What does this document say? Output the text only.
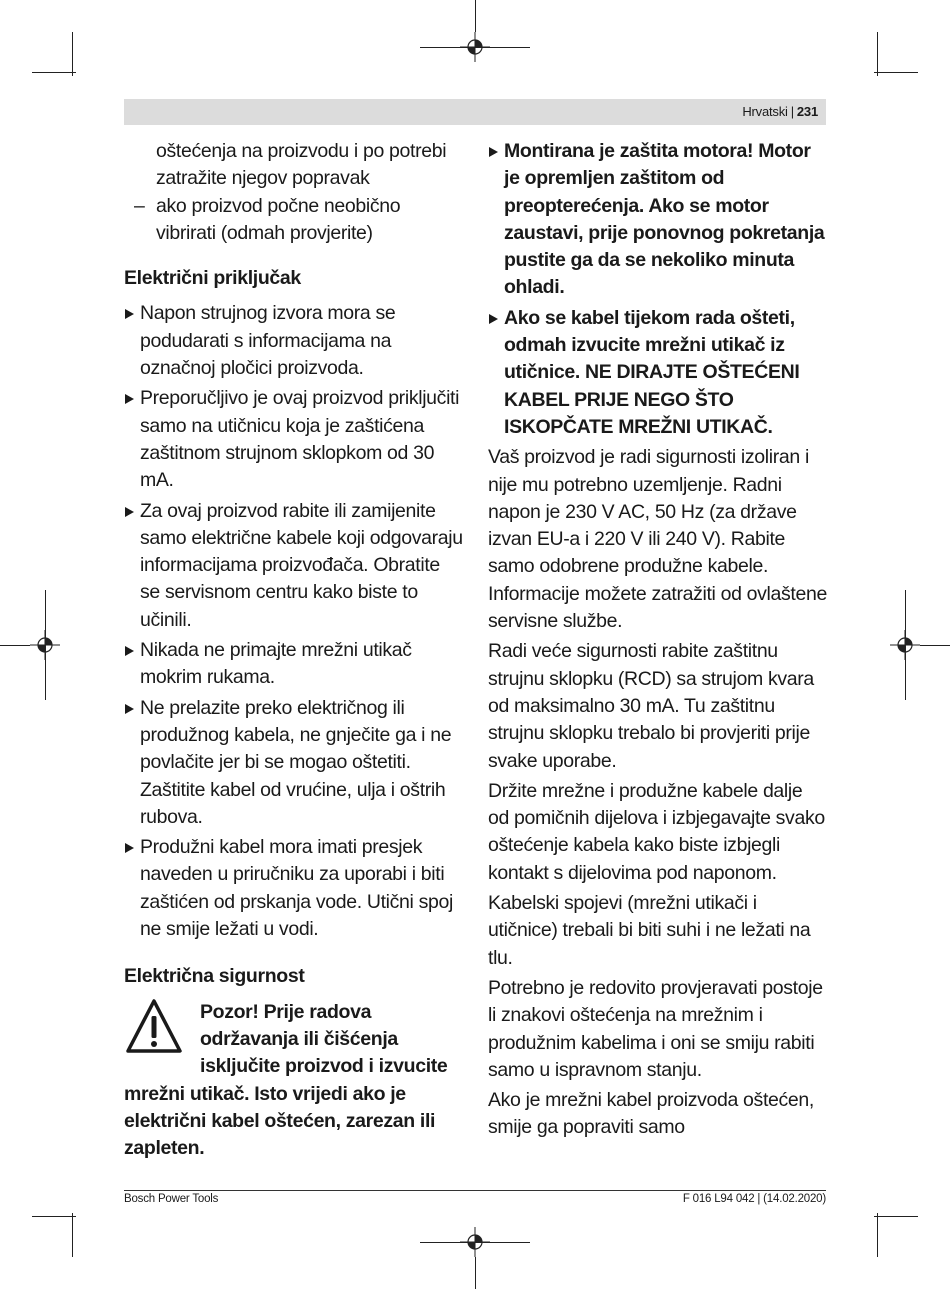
Hrvatski | 231
oštećenja na proizvodu i po potrebi zatražite njegov popravak
– ako proizvod počne neobično vibrirati (odmah provjerite)
Električni priključak
Napon strujnog izvora mora se podudarati s informacijama na označnoj pločici proizvoda.
Preporučljivo je ovaj proizvod priključiti samo na utičnicu koja je zaštićena zaštitnom strujnom sklopkom od 30 mA.
Za ovaj proizvod rabite ili zamijenite samo električne kabele koji odgovaraju informacijama proizvođača. Obratite se servisnom centru kako biste to učinili.
Nikada ne primajte mrežni utikač mokrim rukama.
Ne prelazite preko električnog ili produžnog kabela, ne gnječite ga i ne povlačite jer bi se mogao oštetiti. Zaštitite kabel od vrućine, ulja i oštrih rubova.
Produžni kabel mora imati presjek naveden u priručniku za uporabi i biti zaštićen od prskanja vode. Utični spoj ne smije ležati u vodi.
Električna sigurnost
Pozor! Prije radova održavanja ili čišćenja isključite proizvod i izvucite mrežni utikač. Isto vrijedi ako je električni kabel oštećen, zarezan ili zapleten.
Montirana je zaštita motora! Motor je opremljen zaštitom od preopterećenja. Ako se motor zaustavi, prije ponovnog pokretanja pustite ga da se nekoliko minuta ohladi.
Ako se kabel tijekom rada ošteti, odmah izvucite mrežni utikač iz utičnice. NE DIRAJTE OŠTEĆENI KABEL PRIJE NEGO ŠTO ISKOPČATE MREŽNI UTIKAČ.
Vaš proizvod je radi sigurnosti izoliran i nije mu potrebno uzemljenje. Radni napon je 230 V AC, 50 Hz (za države izvan EU-a i 220 V ili 240 V). Rabite samo odobrene produžne kabele. Informacije možete zatražiti od ovlaštene servisne službe.
Radi veće sigurnosti rabite zaštitnu strujnu sklopku (RCD) sa strujom kvara od maksimalno 30 mA. Tu zaštitnu strujnu sklopku trebalo bi provjeriti prije svake uporabe.
Držite mrežne i produžne kabele dalje od pomičnih dijelova i izbjegavajte svako oštećenje kabela kako biste izbjegli kontakt s dijelovima pod naponom.
Kabelski spojevi (mrežni utikači i utičnice) trebali bi biti suhi i ne ležati na tlu.
Potrebno je redovito provjeravati postoje li znakovi oštećenja na mrežnim i produžnim kabelima i oni se smiju rabiti samo u ispravnom stanju.
Ako je mrežni kabel proizvoda oštećen, smije ga popraviti samo
Bosch Power Tools	F 016 L94 042 | (14.02.2020)
